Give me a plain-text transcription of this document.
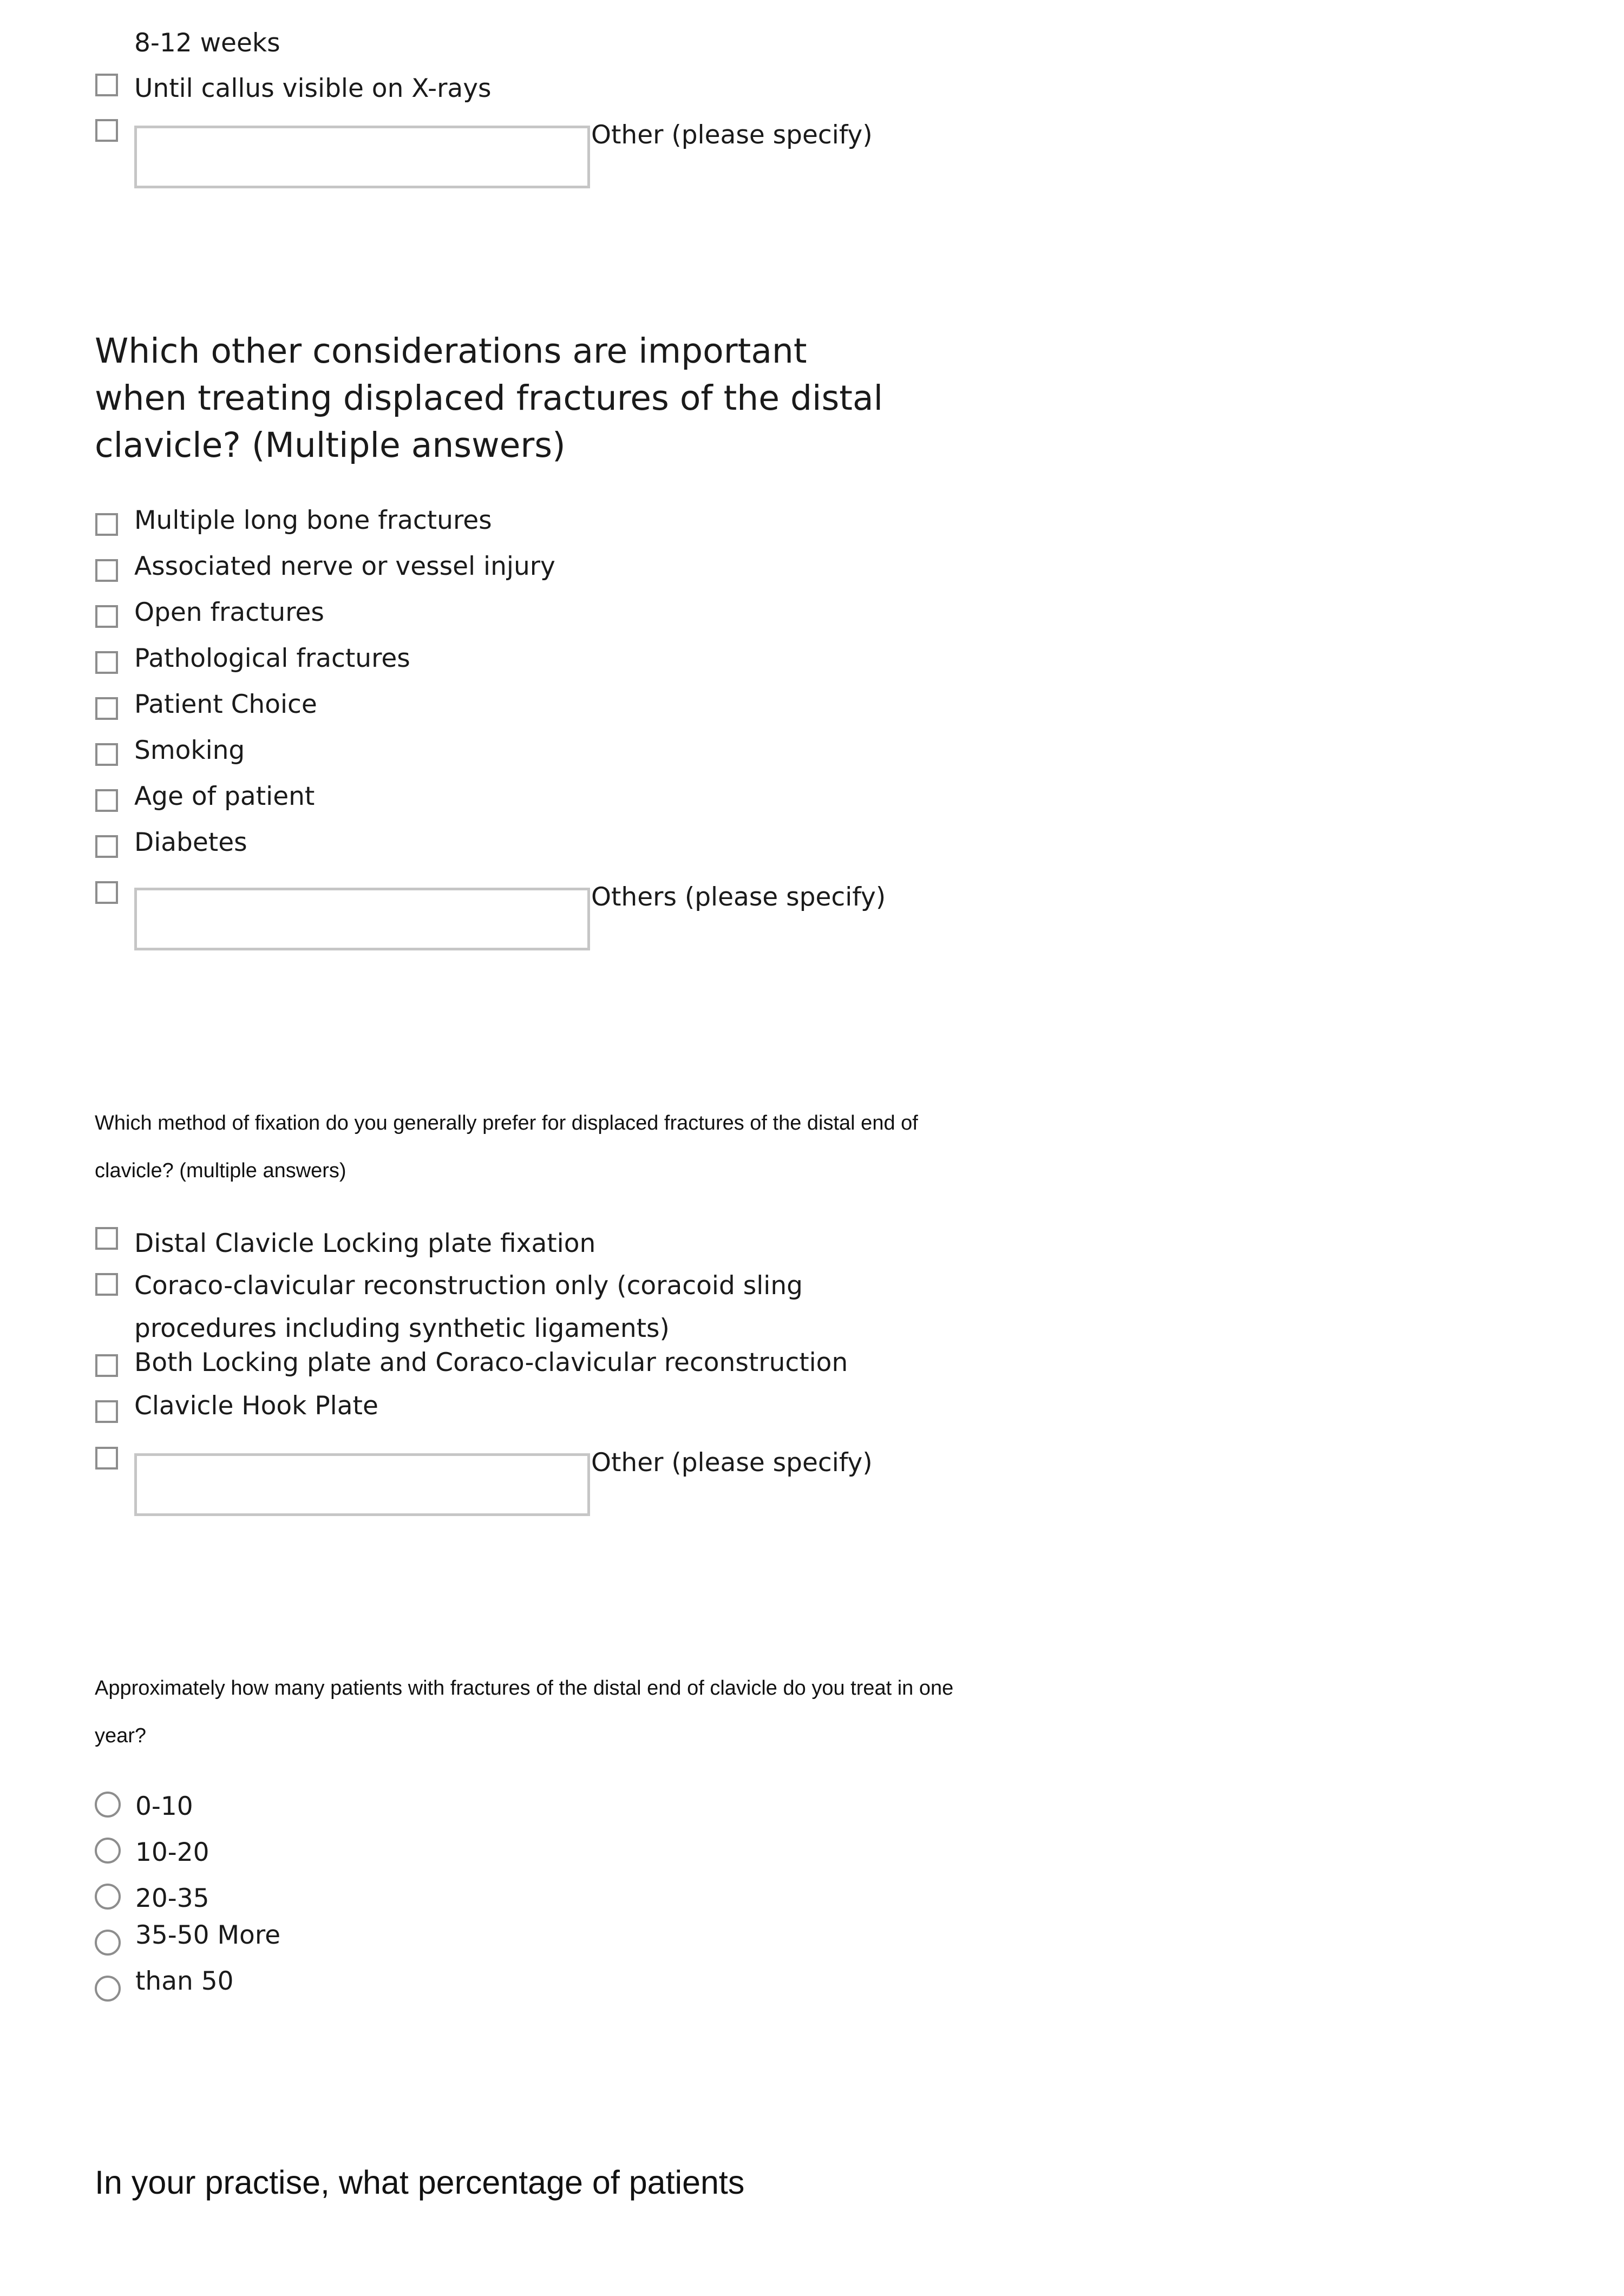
8-12 weeks
Until callus visible on X-rays
Other (please specify)
Which other considerations are important when treating displaced fractures of the distal clavicle? (Multiple answers)
Multiple long bone fractures
Associated nerve or vessel injury
Open fractures
Pathological fractures
Patient Choice
Smoking
Age of patient
Diabetes
Others (please specify)
Which method of fixation do you generally prefer for displaced fractures of the distal end of clavicle? (multiple answers)
Distal Clavicle Locking plate fixation
Coraco-clavicular reconstruction only (coracoid sling procedures including synthetic ligaments)
Both Locking plate and Coraco-clavicular reconstruction
Clavicle Hook Plate
Other (please specify)
Approximately how many patients with fractures of the distal end of clavicle do you treat in one year?
0-10
10-20
20-35
35-50 More
than 50
In your practise, what percentage of patients
